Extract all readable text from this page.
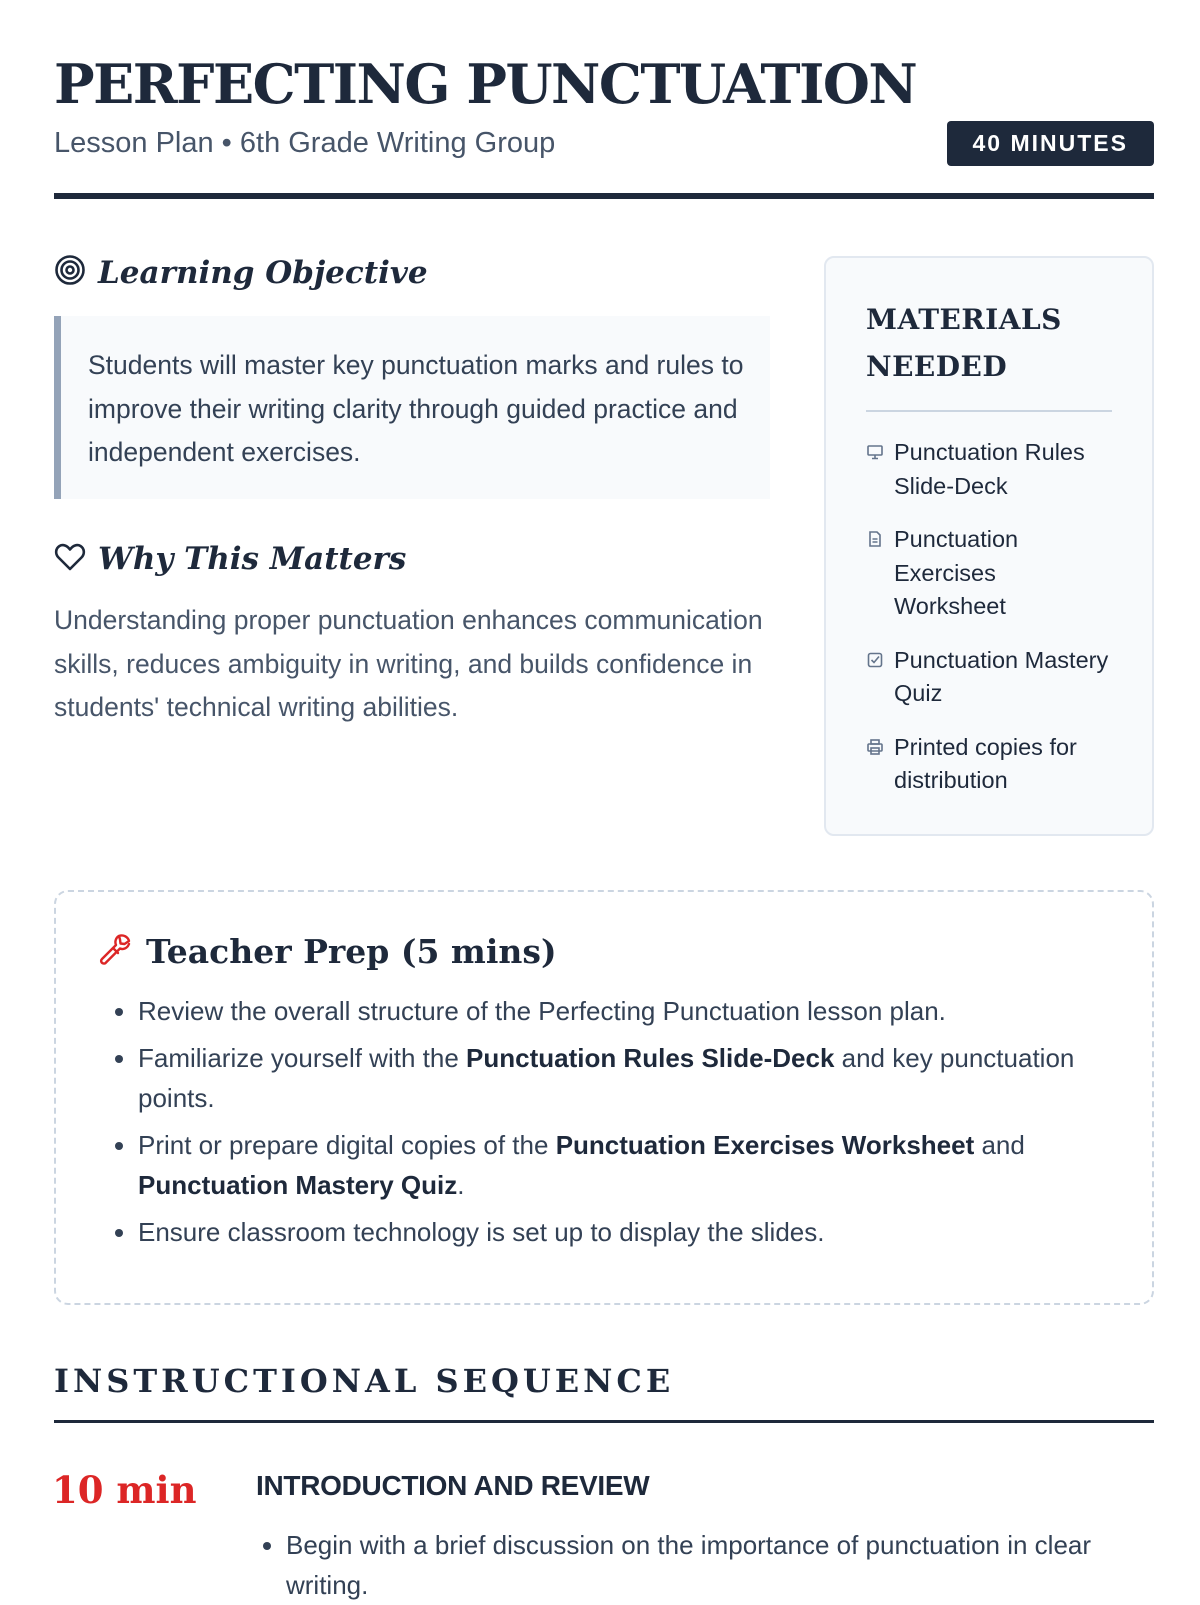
PERFECTING PUNCTUATION
Lesson Plan • 6th Grade Writing Group	40 MINUTES
Learning Objective
Students will master key punctuation marks and rules to improve their writing clarity through guided practice and independent exercises.
Why This Matters
Understanding proper punctuation enhances communication skills, reduces ambiguity in writing, and builds confidence in students' technical writing abilities.
MATERIALS NEEDED
Punctuation Rules Slide-Deck
Punctuation Exercises Worksheet
Punctuation Mastery Quiz
Printed copies for distribution
Teacher Prep (5 mins)
• Review the overall structure of the Perfecting Punctuation lesson plan.
• Familiarize yourself with the Punctuation Rules Slide-Deck and key punctuation points.
• Print or prepare digital copies of the Punctuation Exercises Worksheet and Punctuation Mastery Quiz.
• Ensure classroom technology is set up to display the slides.
INSTRUCTIONAL SEQUENCE
10 min INTRODUCTION AND REVIEW
• Begin with a brief discussion on the importance of punctuation in clear writing.
